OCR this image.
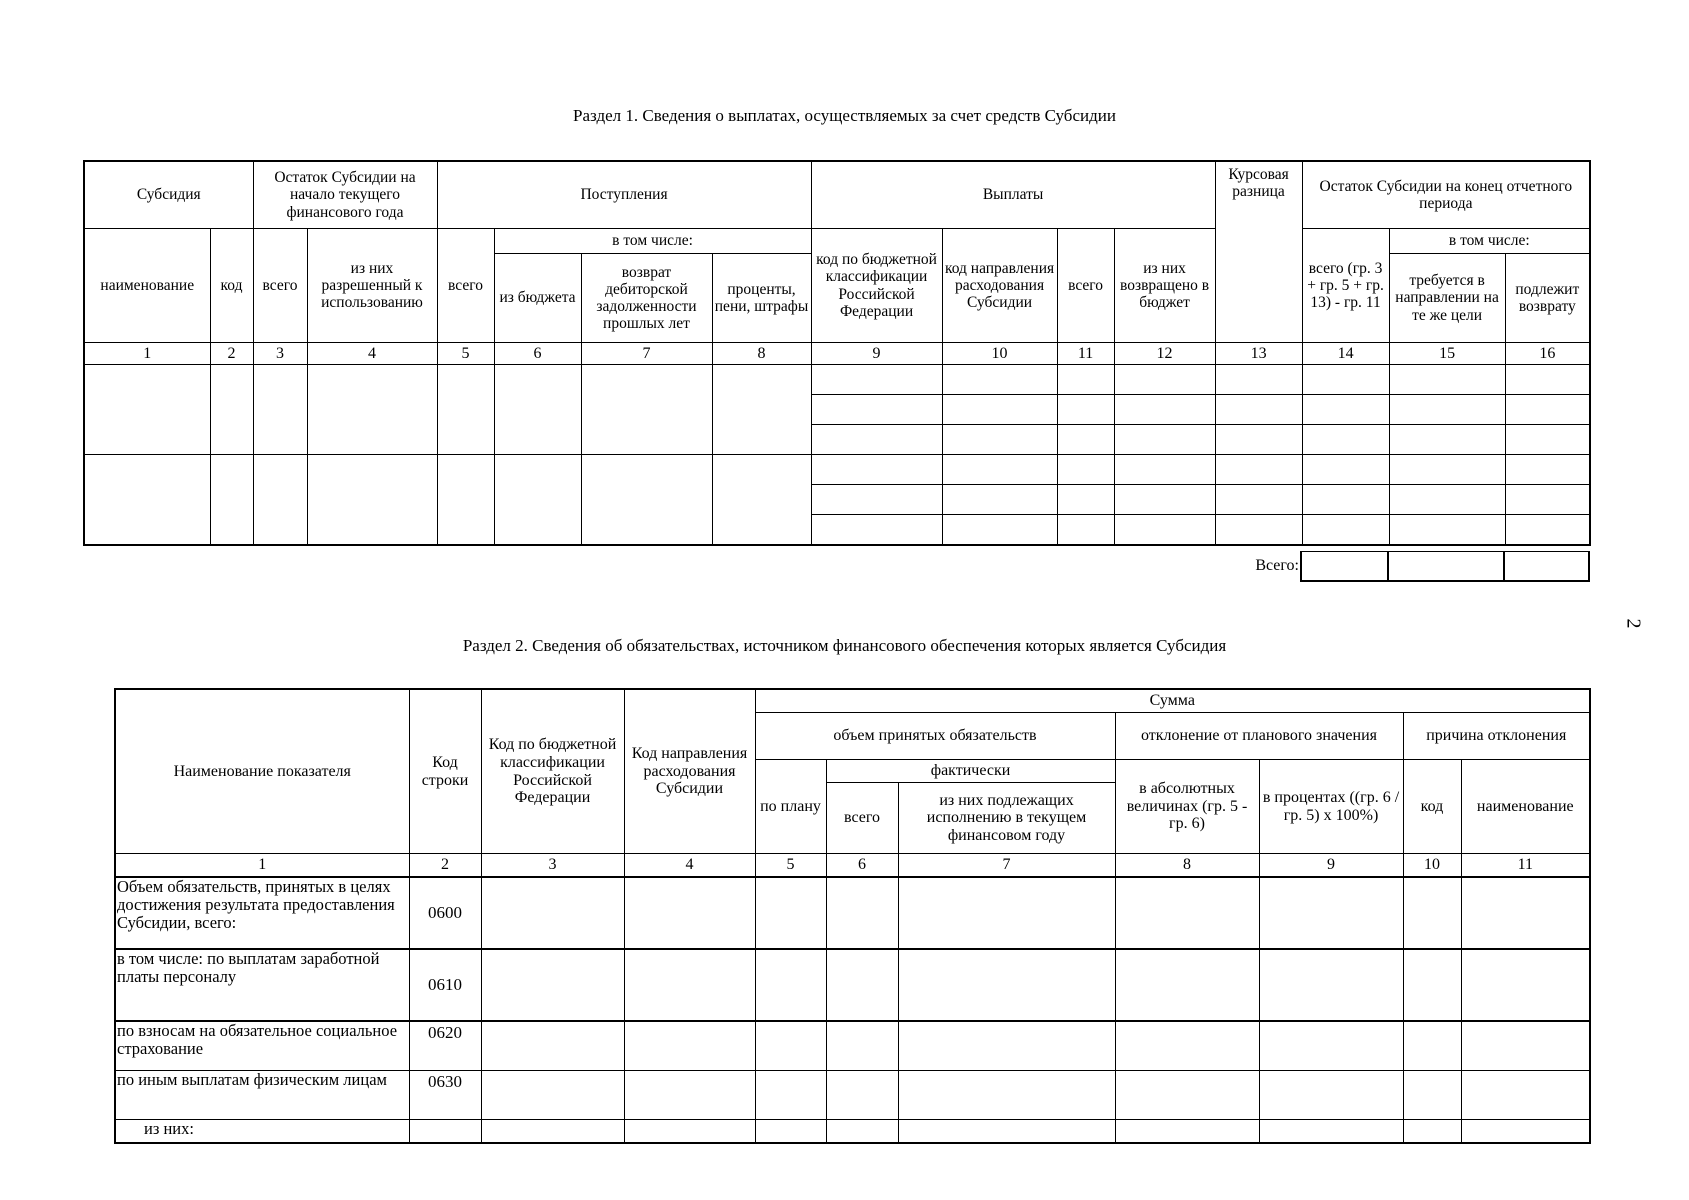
Раздел 1. Сведения о выплатах, осуществляемых за счет средств Субсидии
Субсидия		Остаток Субсидии на начало текущего финансового года		Поступления				Выплаты				Курсовая разница	Остаток Субсидии на конец отчетного периода		
наименование	код	всего	из них разрешенный к использованию	всего	в том числе:			код по бюджетной классификации Российской Федерации	код направления расходования Субсидии	всего	из них возвращено в бюджет		всего (гр. 3 + гр. 5 + гр. 13) - гр. 11	в том числе:	
					из бюджета	возврат дебиторской задолженности прошлых лет	проценты, пени, штрафы							требуется в направлении на те же цели	подлежит возврату
1	2	3	4	5	6	7	8	9	10	11	12	13	14	15	16

Всего:			
Раздел 2. Сведения об обязательствах, источником финансового обеспечения которых является Субсидия
Наименование показателя	Код строки	Код по бюджетной классификации Российской Федерации	Код направления расходования Субсидии	Сумма						
				объем принятых обязательств			отклонение от планового значения		причина отклонения	
				по плану	фактически		в абсолютных величинах (гр. 5 - гр. 6)	в процентах ((гр. 6 / гр. 5) x 100%)	код	наименование
					всего	из них подлежащих исполнению в текущем финансовом году				
1	2	3	4	5	6	7	8	9	10	11
Объем обязательств, принятых в целях достижения результата предоставления Субсидии, всего:	0600									
в том числе: по выплатам заработной платы персоналу	0610									
по взносам на обязательное социальное страхование	0620									
по иным выплатам физическим лицам	0630									
из них:										
2
